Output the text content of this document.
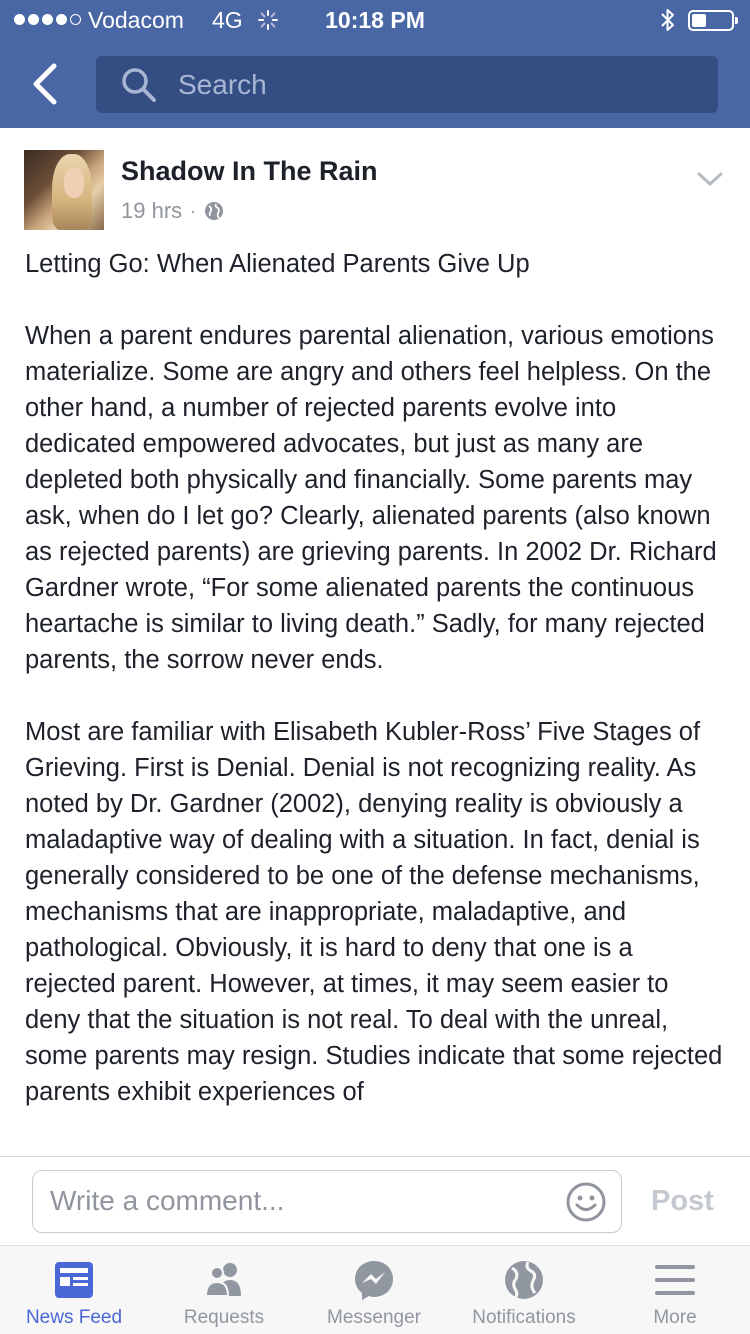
Vodacom 4G	10:18 PM
Search
Shadow In The Rain
19 hrs ·
Letting Go: When Alienated Parents Give Up

When a parent endures parental alienation, various emotions materialize. Some are angry and others feel helpless. On the other hand, a number of rejected parents evolve into dedicated empowered advocates, but just as many are depleted both physically and financially. Some parents may ask, when do I let go? Clearly, alienated parents (also known as rejected parents) are grieving parents. In 2002 Dr. Richard Gardner wrote, “For some alienated parents the continuous heartache is similar to living death.” Sadly, for many rejected parents, the sorrow never ends.

Most are familiar with Elisabeth Kubler-Ross’ Five Stages of Grieving. First is Denial. Denial is not recognizing reality. As noted by Dr. Gardner (2002), denying reality is obviously a maladaptive way of dealing with a situation. In fact, denial is generally considered to be one of the defense mechanisms, mechanisms that are inappropriate, maladaptive, and pathological. Obviously, it is hard to deny that one is a rejected parent. However, at times, it may seem easier to deny that the situation is not real. To deal with the unreal, some parents may resign. Studies indicate that some rejected parents exhibit experiences of
Write a comment...	Post
News Feed	Requests	Messenger	Notifications	More
